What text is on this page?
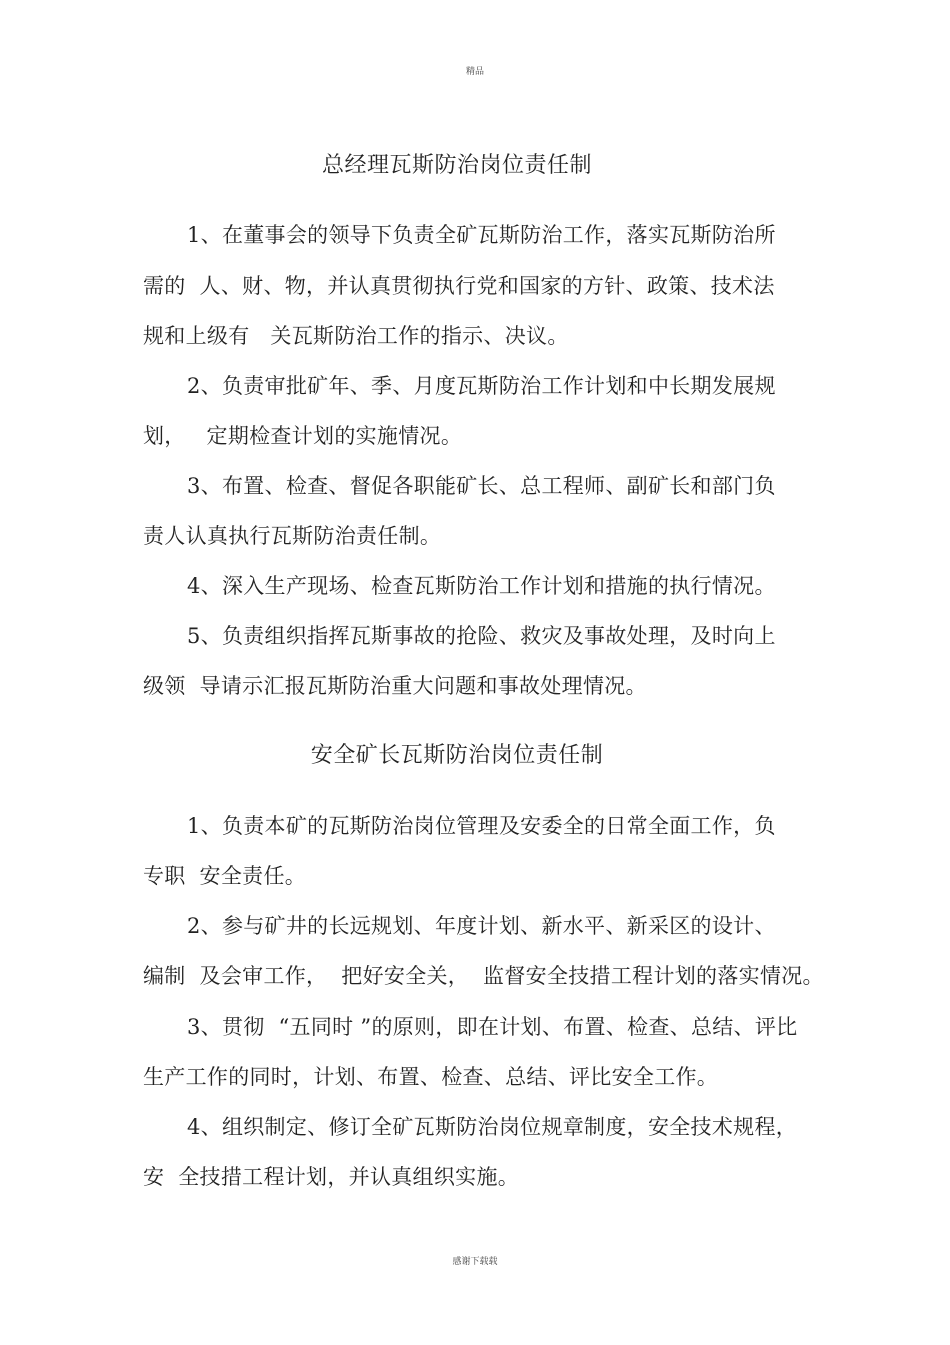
精品
总经理瓦斯防治岗位责任制
1、在董事会的领导下负责全矿瓦斯防治工作，落实瓦斯防治所
需的  人、财、物，并认真贯彻执行党和国家的方针、政策、技术法
规和上级有   关瓦斯防治工作的指示、决议。
2、负责审批矿年、季、月度瓦斯防治工作计划和中长期发展规
划，   定期检查计划的实施情况。
3、布置、检查、督促各职能矿长、总工程师、副矿长和部门负
责人认真执行瓦斯防治责任制。
4、深入生产现场、检查瓦斯防治工作计划和措施的执行情况。
5、负责组织指挥瓦斯事故的抢险、救灾及事故处理，及时向上
级领  导请示汇报瓦斯防治重大问题和事故处理情况。
安全矿长瓦斯防治岗位责任制
1、负责本矿的瓦斯防治岗位管理及安委全的日常全面工作，负
专职  安全责任。
2、参与矿井的长远规划、年度计划、新水平、新采区的设计、
编制  及会审工作，  把好安全关，  监督安全技措工程计划的落实情况。
3、贯彻  “五同时 ”的原则，即在计划、布置、检查、总结、评比
生产工作的同时，计划、布置、检查、总结、评比安全工作。
4、组织制定、修订全矿瓦斯防治岗位规章制度，安全技术规程，
安  全技措工程计划，并认真组织实施。
感谢下载载
